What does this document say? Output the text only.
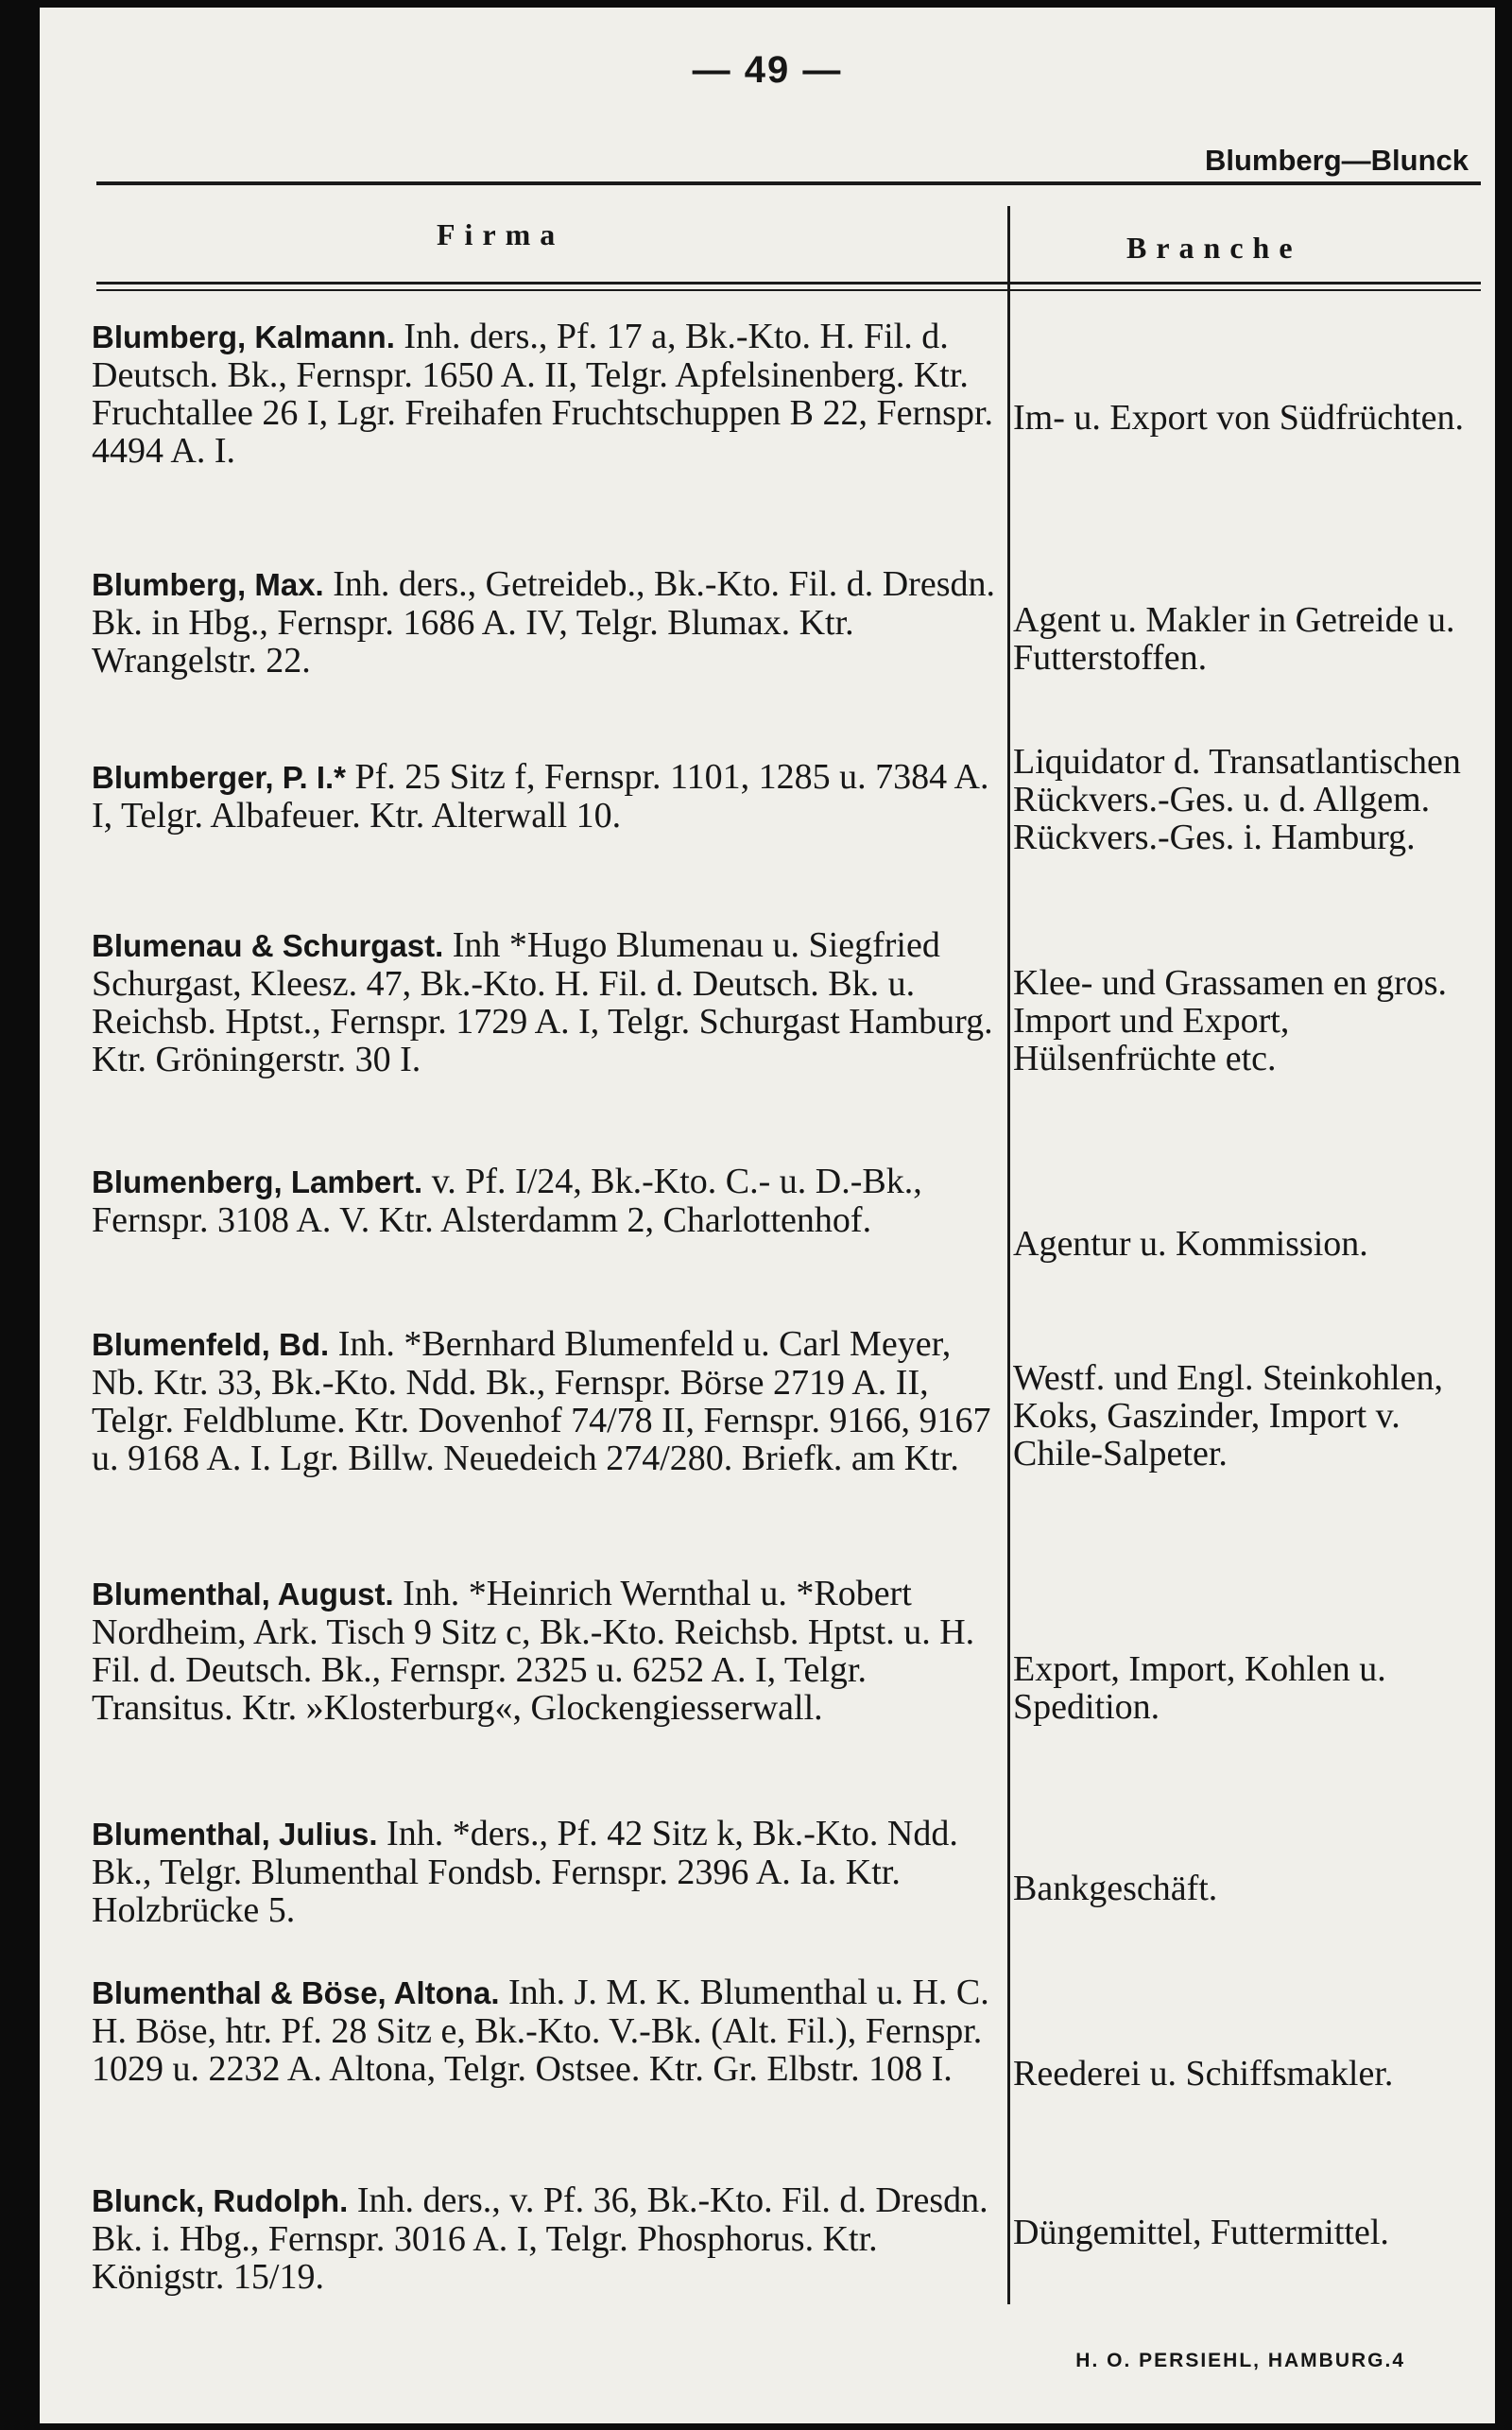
— 49 —
Blumberg—Blunck
Firma	Branche
Blumberg, Kalmann. Inh. ders., Pf. 17 a, Bk.-Kto. H. Fil. d. Deutsch. Bk., Fernspr. 1650 A. II, Telgr. Apfelsinenberg. Ktr. Fruchtallee 26 I, Lgr. Freihafen Fruchtschuppen B 22, Fernspr. 4494 A. I.
Im- u. Export von Südfrüchten.
Blumberg, Max. Inh. ders., Getreideb., Bk.-Kto. Fil. d. Dresdn. Bk. in Hbg., Fernspr. 1686 A. IV, Telgr. Blumax. Ktr. Wrangelstr. 22.
Agent u. Makler in Getreide u. Futterstoffen.
Blumberger, P. I.* Pf. 25 Sitz f, Fernspr. 1101, 1285 u. 7384 A. I, Telgr. Albafeuer. Ktr. Alterwall 10.
Liquidator d. Transatlantischen Rückvers.-Ges. u. d. Allgem. Rückvers.-Ges. i. Hamburg.
Blumenau & Schurgast. Inh *Hugo Blumenau u. Siegfried Schurgast, Kleesz. 47, Bk.-Kto. H. Fil. d. Deutsch. Bk. u. Reichsb. Hptst., Fernspr. 1729 A. I, Telgr. Schurgast Hamburg. Ktr. Gröningerstr. 30 I.
Klee- und Grassamen en gros. Import und Export, Hülsenfrüchte etc.
Blumenberg, Lambert. v. Pf. I/24, Bk.-Kto. C.- u. D.-Bk., Fernspr. 3108 A. V. Ktr. Alsterdamm 2, Charlottenhof.
Agentur u. Kommission.
Blumenfeld, Bd. Inh. *Bernhard Blumenfeld u. Carl Meyer, Nb. Ktr. 33, Bk.-Kto. Ndd. Bk., Fernspr. Börse 2719 A. II, Telgr. Feldblume. Ktr. Dovenhof 74/78 II, Fernspr. 9166, 9167 u. 9168 A. I. Lgr. Billw. Neuedeich 274/280. Briefk. am Ktr.
Westf. und Engl. Steinkohlen, Koks, Gaszinder, Import v. Chile-Salpeter.
Blumenthal, August. Inh. *Heinrich Wernthal u. *Robert Nordheim, Ark. Tisch 9 Sitz c, Bk.-Kto. Reichsb. Hptst. u. H. Fil. d. Deutsch. Bk., Fernspr. 2325 u. 6252 A. I, Telgr. Transitus. Ktr. »Klosterburg«, Glockengiesserwall.
Export, Import, Kohlen u. Spedition.
Blumenthal, Julius. Inh. *ders., Pf. 42 Sitz k, Bk.-Kto. Ndd. Bk., Telgr. Blumenthal Fondsb. Fernspr. 2396 A. Ia. Ktr. Holzbrücke 5.
Bankgeschäft.
Blumenthal & Böse, Altona. Inh. J. M. K. Blumenthal u. H. C. H. Böse, htr. Pf. 28 Sitz e, Bk.-Kto. V.-Bk. (Alt. Fil.), Fernspr. 1029 u. 2232 A. Altona, Telgr. Ostsee. Ktr. Gr. Elbstr. 108 I.	Reederei u. Schiffsmakler.
Blunck, Rudolph. Inh. ders., v. Pf. 36, Bk.-Kto. Fil. d. Dresdn. Bk. i. Hbg., Fernspr. 3016 A. I, Telgr. Phosphorus. Ktr. Königstr. 15/19.
Düngemittel, Futtermittel.
H. O. PERSIEHL, HAMBURG.4
